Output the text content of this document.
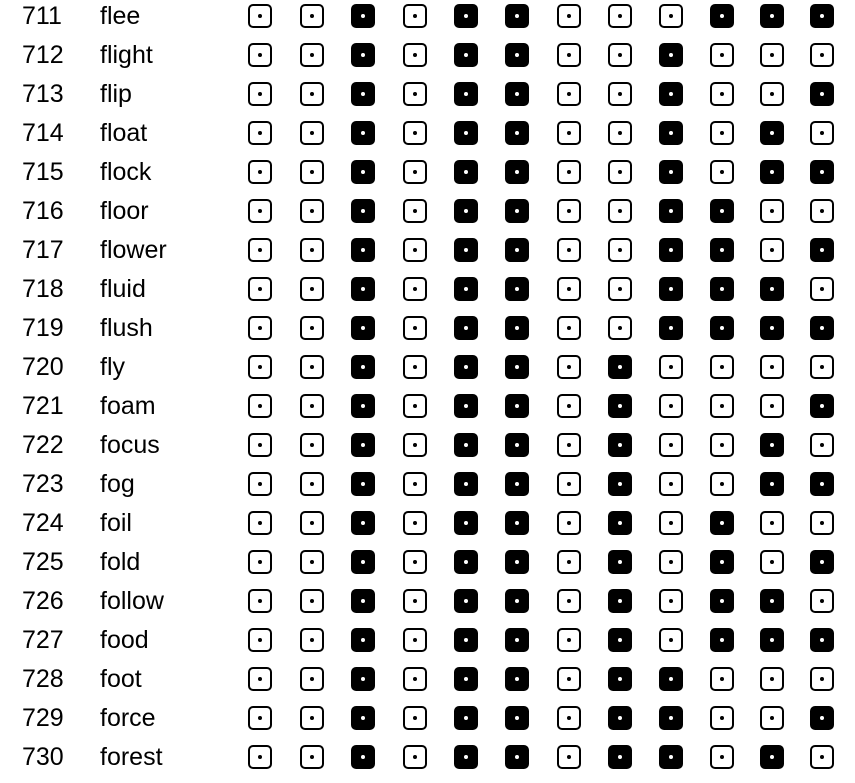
711 flee
712 flight
713 flip
714 float
715 flock
716 floor
717 flower
718 fluid
719 flush
720 fly
721 foam
722 focus
723 fog
724 foil
725 fold
726 follow
727 food
728 foot
729 force
730 forest
